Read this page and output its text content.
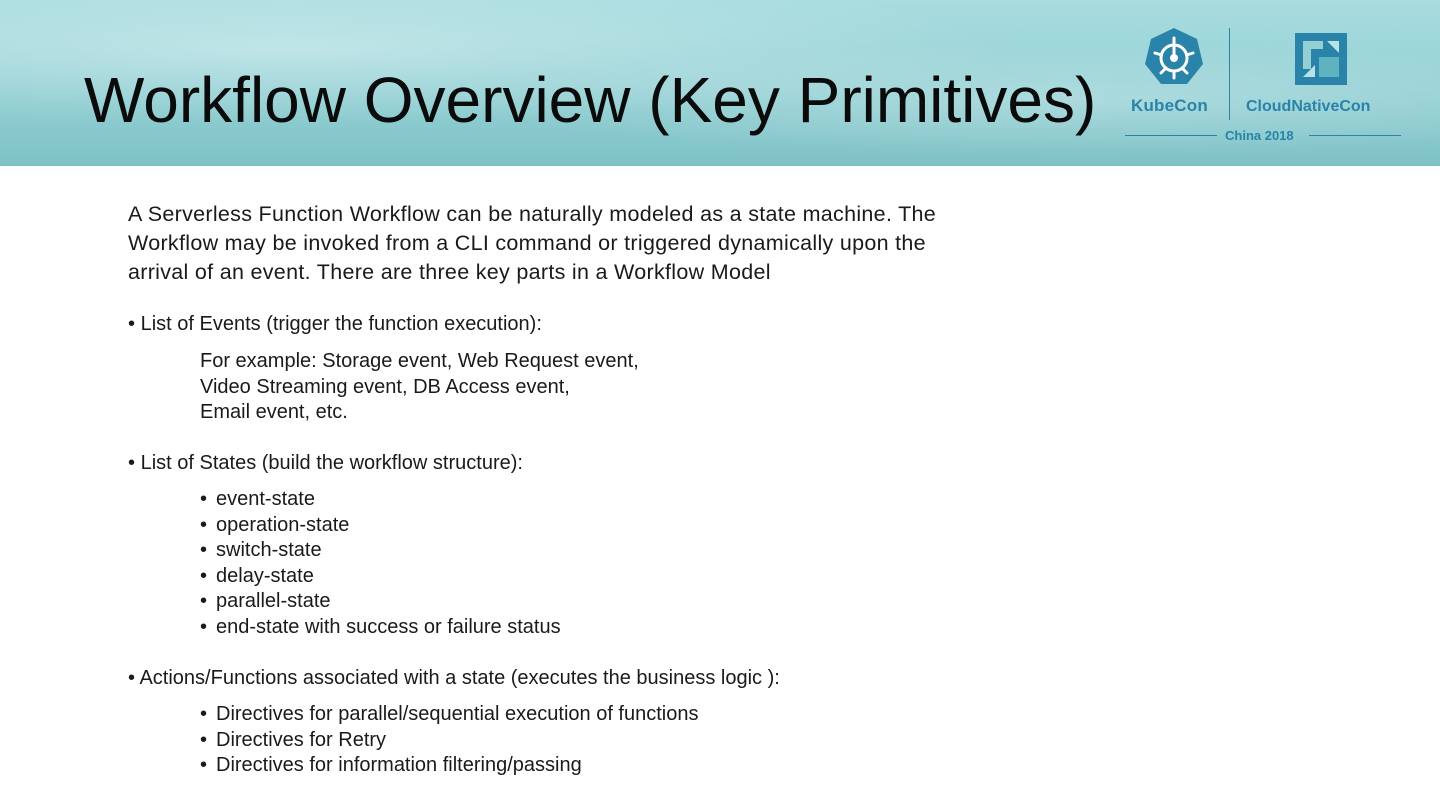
Workflow Overview (Key Primitives) KubeCon CloudNativeCon
China 2018
A Serverless Function Workflow can be naturally modeled as a state machine. The
Workflow may be invoked from a CLI command or triggered dynamically upon the
arrival of an event. There are three key parts in a Workflow Model
• List of Events (trigger the function execution):
For example: Storage event, Web Request event,
Video Streaming event, DB Access event,
Email event, etc.
• List of States (build the workflow structure):
• event-state
• operation-state
• switch-state
• delay-state
• parallel-state
• end-state with success or failure status
• Actions/Functions associated with a state (executes the business logic ):
• Directives for parallel/sequential execution of functions
• Directives for Retry
• Directives for information filtering/passing
